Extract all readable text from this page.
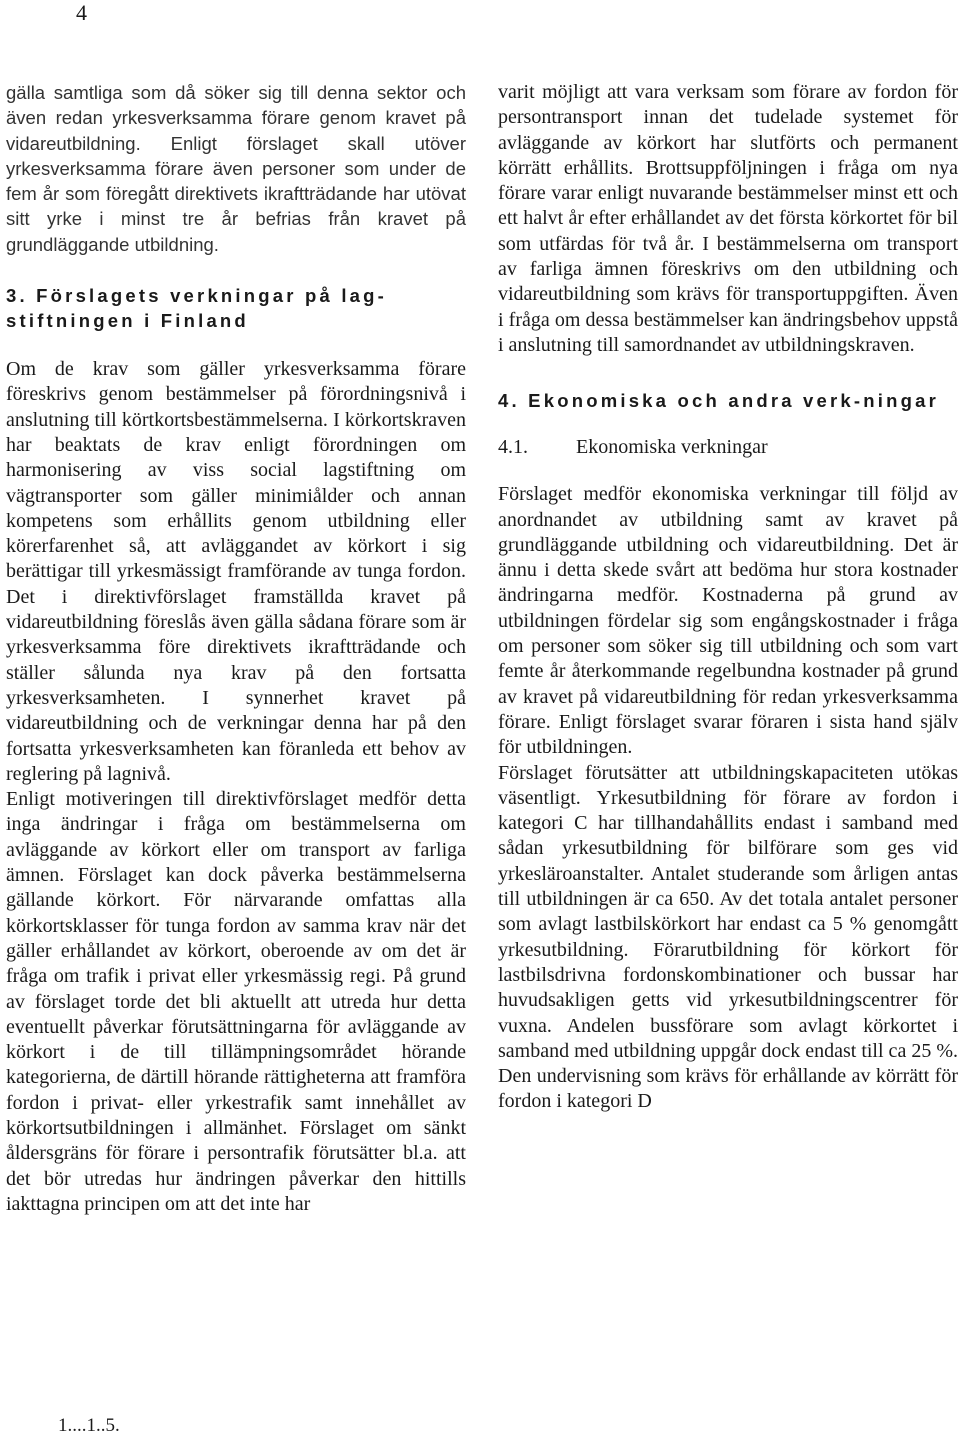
4

gälla samtliga som då söker sig till denna sektor och även redan yrkesverksamma förare genom kravet på vidareutbildning. Enligt förslaget skall utöver yrkesverksamma förare även personer som under de fem år som föregått direktivets ikraftträdande har utövat sitt yrke i minst tre år befrias från kravet på grundläggande utbildning.

3. Förslagets verkningar på lag-stiftningen i Finland

Om de krav som gäller yrkesverksamma förare föreskrivs genom bestämmelser på förordningsnivå i anslutning till körtkortsbestämmelserna. I körkortskraven har beaktats de krav enligt förordningen om harmonisering av viss social lagstiftning om vägtransporter som gäller minimiålder och annan kompetens som erhållits genom utbildning eller körerfarenhet så, att avläggandet av körkort i sig berättigar till yrkesmässigt framförande av tunga fordon. Det i direktivförslaget framställda kravet på vidareutbildning föreslås även gälla sådana förare som är yrkesverksamma före direktivets ikraftträdande och ställer sålunda nya krav på den fortsatta yrkesverksamheten. I synnerhet kravet på vidareutbildning och de verkningar denna har på den fortsatta yrkesverksamheten kan föranleda ett behov av reglering på lagnivå.

Enligt motiveringen till direktivförslaget medför detta inga ändringar i fråga om bestämmelserna om avläggande av körkort eller om transport av farliga ämnen. Förslaget kan dock påverka bestämmelserna gällande körkort. För närvarande omfattas alla körkortsklasser för tunga fordon av samma krav när det gäller erhållandet av körkort, oberoende av om det är fråga om trafik i privat eller yrkesmässig regi. På grund av förslaget torde det bli aktuellt att utreda hur detta eventuellt påverkar förutsättningarna för avläggande av körkort i de till tillämpningsområdet hörande kategorierna, de därtill hörande rättigheterna att framföra fordon i privat- eller yrkestrafik samt innehållet av körkortsutbildningen i allmänhet. Förslaget om sänkt åldersgräns för förare i persontrafik förutsätter bl.a. att det bör utredas hur ändringen påverkar den hittills iakttagna principen om att det inte har

varit möjligt att vara verksam som förare av fordon för persontransport innan det tudelade systemet för avläggande av körkort har slutförts och permanent körrätt erhållits. Brottsuppföljningen i fråga om nya förare varar enligt nuvarande bestämmelser minst ett och ett halvt år efter erhållandet av det första körkortet för bil som utfärdas för två år. I bestämmelserna om transport av farliga ämnen föreskrivs om den utbildning och vidareutbildning som krävs för transportuppgiften. Även i fråga om dessa bestämmelser kan ändringsbehov uppstå i anslutning till samordnandet av utbildningskraven.

4. Ekonomiska och andra verk-ningar
4.1. Ekonomiska verkningar

Förslaget medför ekonomiska verkningar till följd av anordnandet av utbildning samt av kravet på grundläggande utbildning och vidareutbildning. Det är ännu i detta skede svårt att bedöma hur stora kostnader ändringarna medför. Kostnaderna på grund av utbildningen fördelar sig som engångskostnader i fråga om personer som söker sig till utbildning och som vart femte år återkommande regelbundna kostnader på grund av kravet på vidareutbildning för redan yrkesverksamma förare. Enligt förslaget svarar föraren i sista hand själv för utbildningen.

Förslaget förutsätter att utbildningskapaciteten utökas väsentligt. Yrkesutbildning för förare av fordon i kategori C har tillhandahållits endast i samband med sådan yrkesutbildning för bilförare som ges vid yrkesläroanstalter. Antalet studerande som årligen antas till utbildningen är ca 650. Av det totala antalet personer som avlagt lastbilskörkort har endast ca 5 % genomgått yrkesutbildning. Förarutbildning för körkort för lastbilsdrivna fordonskombinationer och bussar har huvudsakligen getts vid yrkesutbildningscentrer för vuxna. Andelen bussförare som avlagt körkortet i samband med utbildning uppgår dock endast till ca 25 %. Den undervisning som krävs för erhållande av körrätt för fordon i kategori D

1....1..5.
